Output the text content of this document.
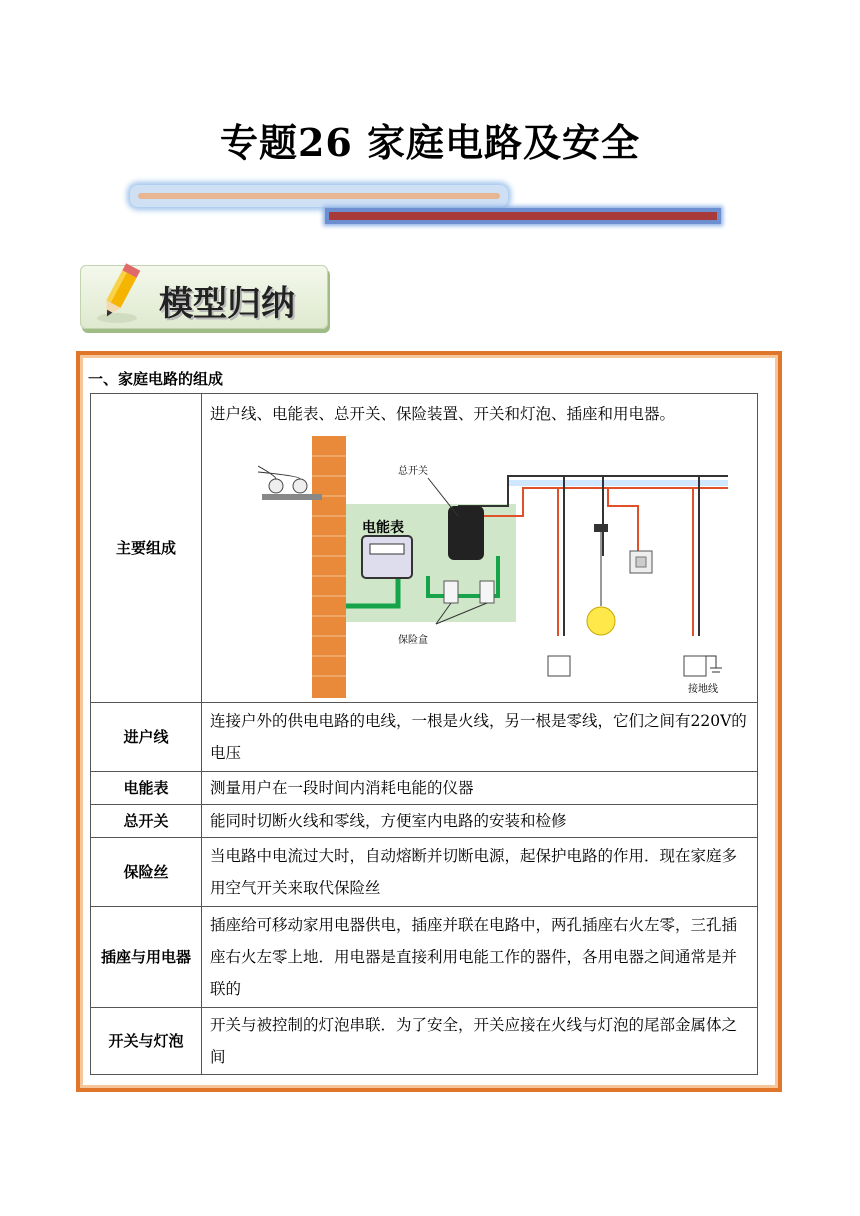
专题26 家庭电路及安全
模型归纳
一、家庭电路的组成
主要组成	进户线、电能表、总开关、保险装置、开关和灯泡、插座和用电器。
电能表
总开关
保险盒
接地线

进户线	连接户外的供电电路的电线，一根是火线，另一根是零线，它们之间有220V的电压
电能表	测量用户在一段时间内消耗电能的仪器
总开关	能同时切断火线和零线，方便室内电路的安装和检修
保险丝	当电路中电流过大时，自动熔断并切断电源，起保护电路的作用．现在家庭多用空气开关来取代保险丝
插座与用电器	插座给可移动家用电器供电，插座并联在电路中，两孔插座右火左零，三孔插座右火左零上地．用电器是直接利用电能工作的器件，各用电器之间通常是并联的
开关与灯泡	开关与被控制的灯泡串联．为了安全，开关应接在火线与灯泡的尾部金属体之间
